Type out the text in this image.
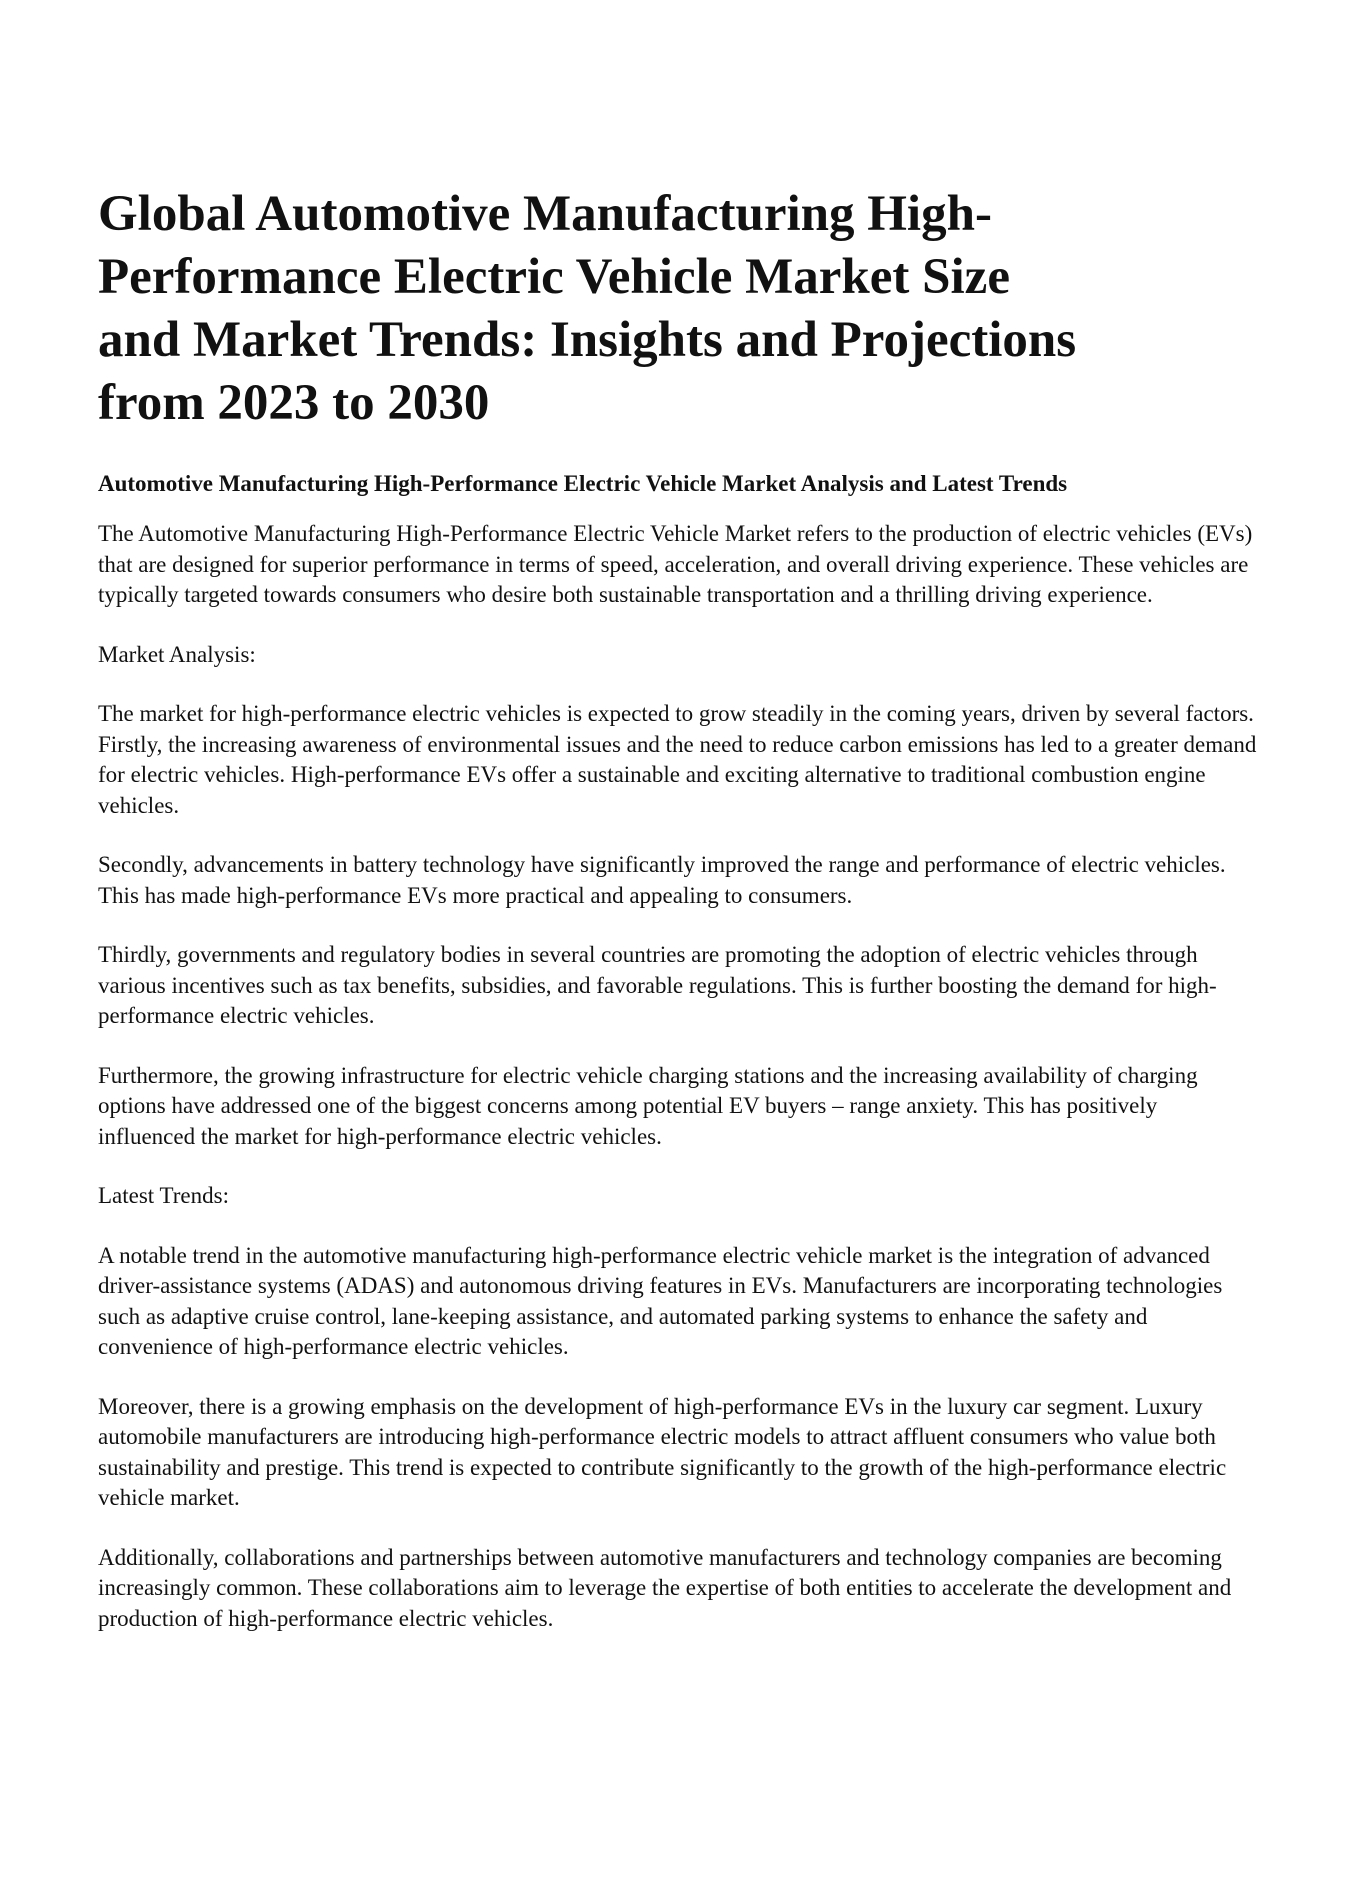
Global Automotive Manufacturing High-Performance Electric Vehicle Market Size and Market Trends: Insights and Projections from 2023 to 2030
Automotive Manufacturing High-Performance Electric Vehicle Market Analysis and Latest Trends

The Automotive Manufacturing High-Performance Electric Vehicle Market refers to the production of electric vehicles (EVs) that are designed for superior performance in terms of speed, acceleration, and overall driving experience. These vehicles are typically targeted towards consumers who desire both sustainable transportation and a thrilling driving experience.

Market Analysis:

The market for high-performance electric vehicles is expected to grow steadily in the coming years, driven by several factors. Firstly, the increasing awareness of environmental issues and the need to reduce carbon emissions has led to a greater demand for electric vehicles. High-performance EVs offer a sustainable and exciting alternative to traditional combustion engine vehicles.

Secondly, advancements in battery technology have significantly improved the range and performance of electric vehicles. This has made high-performance EVs more practical and appealing to consumers.

Thirdly, governments and regulatory bodies in several countries are promoting the adoption of electric vehicles through various incentives such as tax benefits, subsidies, and favorable regulations. This is further boosting the demand for high-performance electric vehicles.

Furthermore, the growing infrastructure for electric vehicle charging stations and the increasing availability of charging options have addressed one of the biggest concerns among potential EV buyers – range anxiety. This has positively influenced the market for high-performance electric vehicles.

Latest Trends:

A notable trend in the automotive manufacturing high-performance electric vehicle market is the integration of advanced driver-assistance systems (ADAS) and autonomous driving features in EVs. Manufacturers are incorporating technologies such as adaptive cruise control, lane-keeping assistance, and automated parking systems to enhance the safety and convenience of high-performance electric vehicles.

Moreover, there is a growing emphasis on the development of high-performance EVs in the luxury car segment. Luxury automobile manufacturers are introducing high-performance electric models to attract affluent consumers who value both sustainability and prestige. This trend is expected to contribute significantly to the growth of the high-performance electric vehicle market.

Additionally, collaborations and partnerships between automotive manufacturers and technology companies are becoming increasingly common. These collaborations aim to leverage the expertise of both entities to accelerate the development and production of high-performance electric vehicles.
